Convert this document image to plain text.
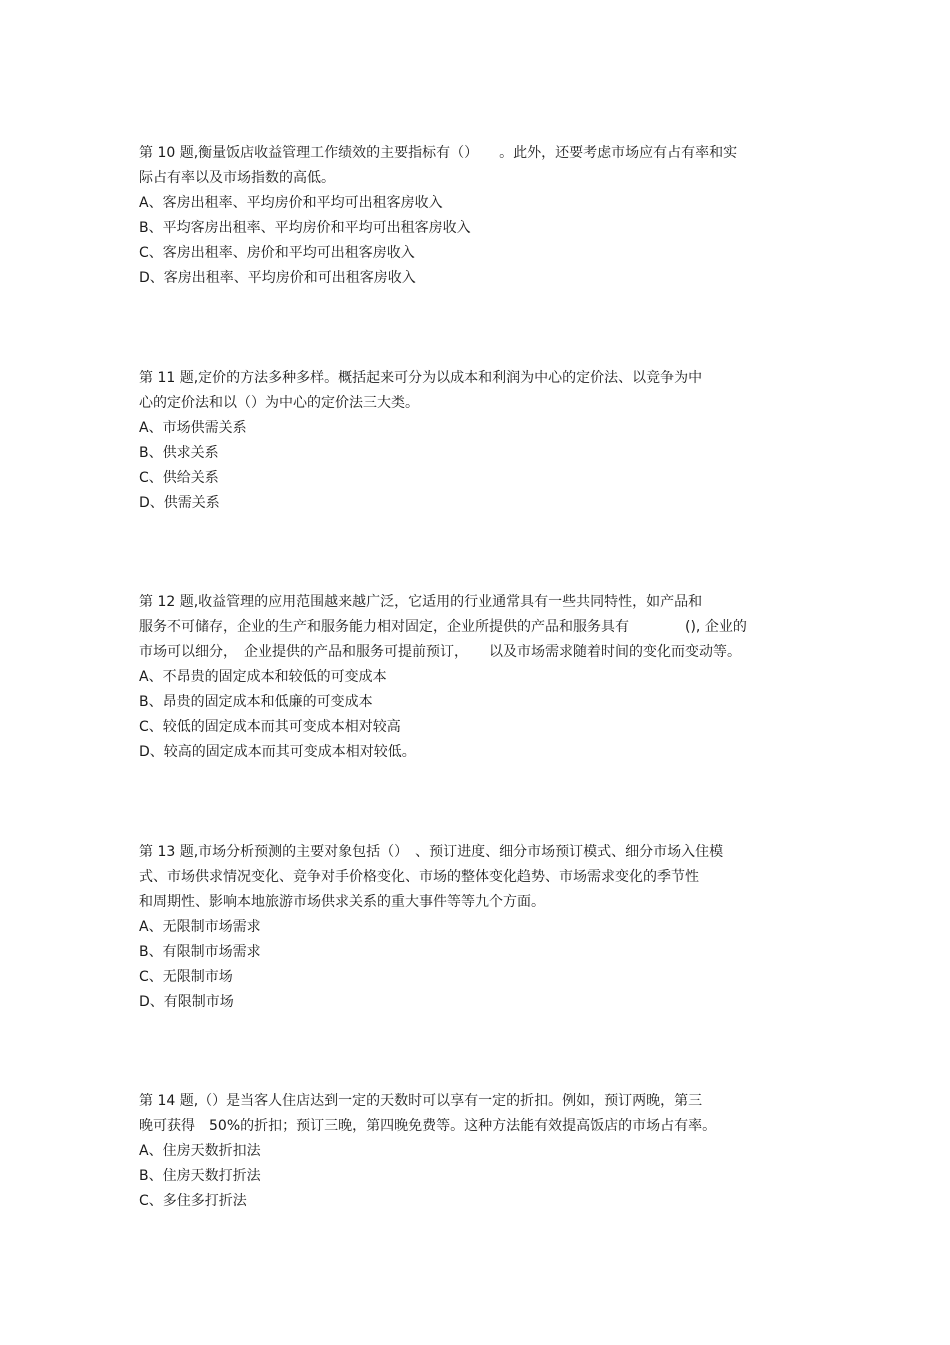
第 10 题,衡量饭店收益管理工作绩效的主要指标有（）　　。此外，还要考虑市场应有占有率和实
际占有率以及市场指数的高低。
A、客房出租率、平均房价和平均可出租客房收入
B、平均客房出租率、平均房价和平均可出租客房收入
C、客房出租率、房价和平均可出租客房收入
D、客房出租率、平均房价和可出租客房收入
第 11 题,定价的方法多种多样。概括起来可分为以成本和利润为中心的定价法、以竞争为中
心的定价法和以（）为中心的定价法三大类。
A、市场供需关系
B、供求关系
C、供给关系
D、供需关系
第 12 题,收益管理的应用范围越来越广泛，它适用的行业通常具有一些共同特性，如产品和
服务不可储存，企业的生产和服务能力相对固定，企业所提供的产品和服务具有　　　　(), 企业的
市场可以细分，　企业提供的产品和服务可提前预订，　　以及市场需求随着时间的变化而变动等。
A、不昂贵的固定成本和较低的可变成本
B、昂贵的固定成本和低廉的可变成本
C、较低的固定成本而其可变成本相对较高
D、较高的固定成本而其可变成本相对较低。
第 13 题,市场分析预测的主要对象包括（）　、预订进度、细分市场预订模式、细分市场入住模
式、市场供求情况变化、竞争对手价格变化、市场的整体变化趋势、市场需求变化的季节性
和周期性、影响本地旅游市场供求关系的重大事件等等九个方面。
A、无限制市场需求
B、有限制市场需求
C、无限制市场
D、有限制市场
第 14 题,（）是当客人住店达到一定的天数时可以享有一定的折扣。例如，预订两晚，第三
晚可获得　50%的折扣；预订三晚，第四晚免费等。这种方法能有效提高饭店的市场占有率。
A、住房天数折扣法
B、住房天数打折法
C、多住多打折法
